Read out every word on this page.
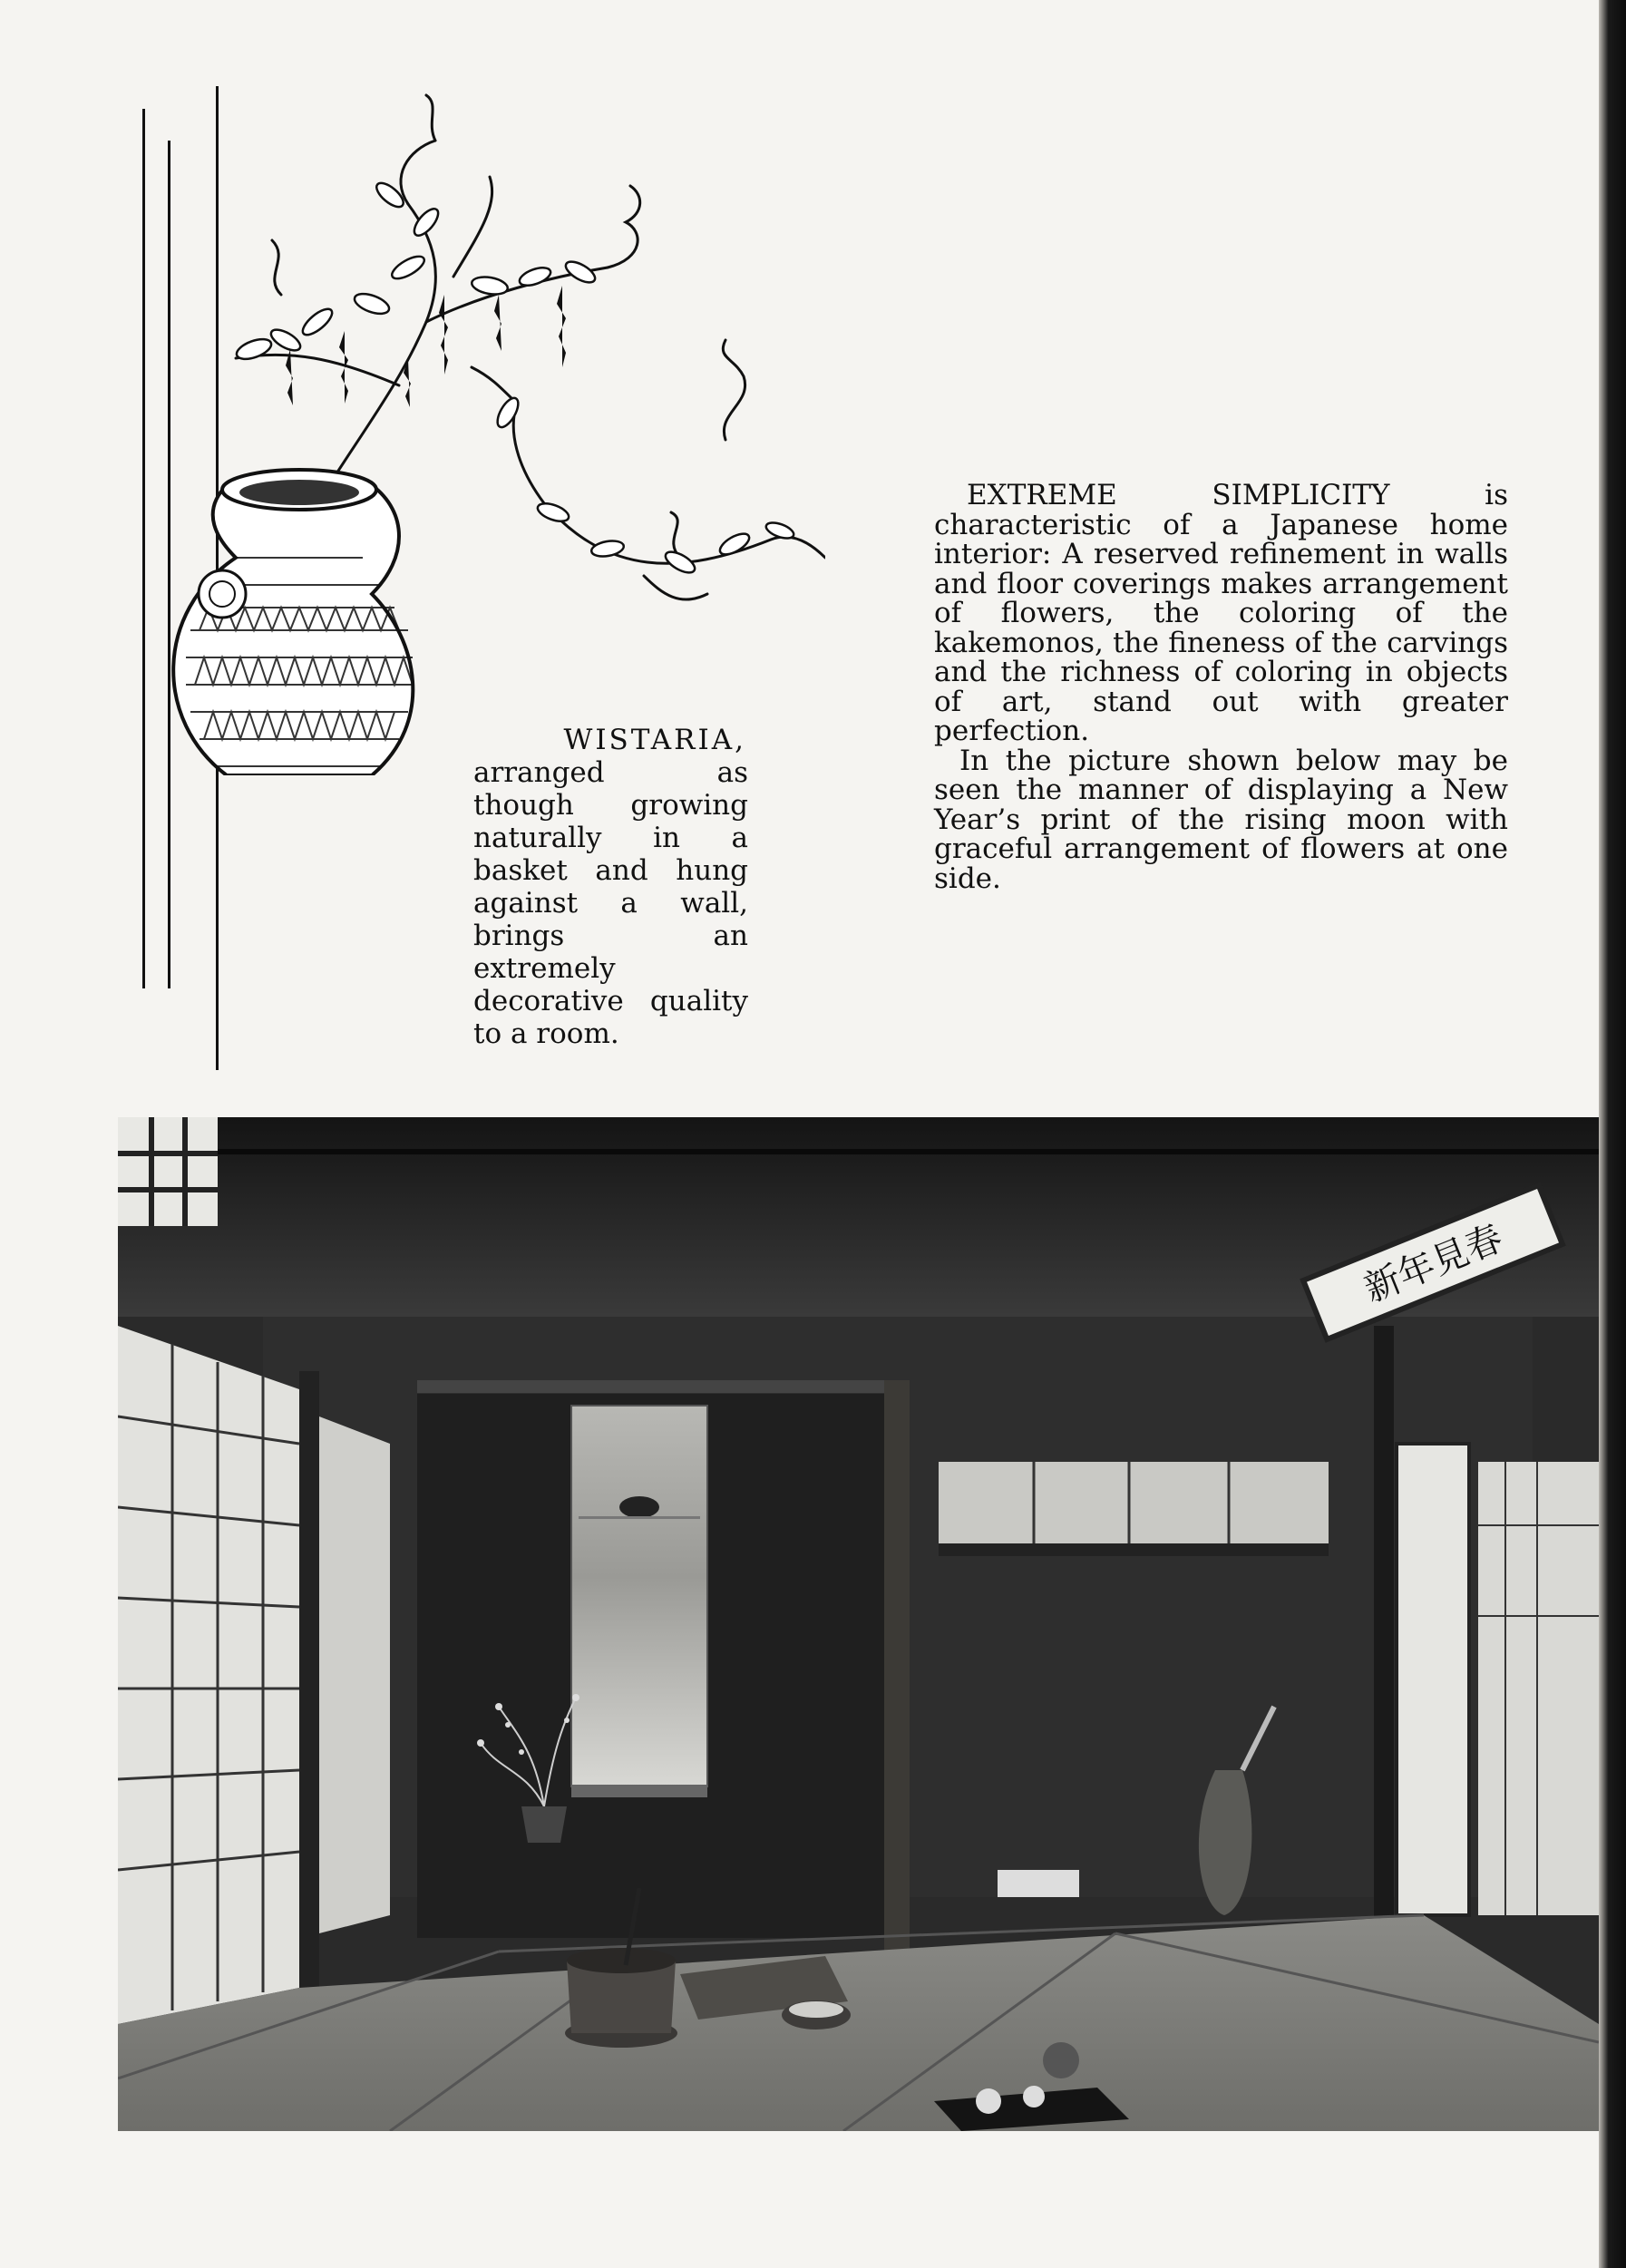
WISTARIA,
arranged as though growing naturally in a basket and hung against a wall, brings an extremely decorative quality to a room.

EXTREME SIMPLICITY is characteristic of a Japanese home interior: A reserved refinement in walls and floor coverings makes arrangement of flowers, the coloring of the kakemonos, the fineness of the carvings and the richness of coloring in objects of art, stand out with greater perfection.

In the picture shown below may be seen the manner of displaying a New Year’s print of the rising moon with graceful arrangement of flowers at one side.

新年見春
